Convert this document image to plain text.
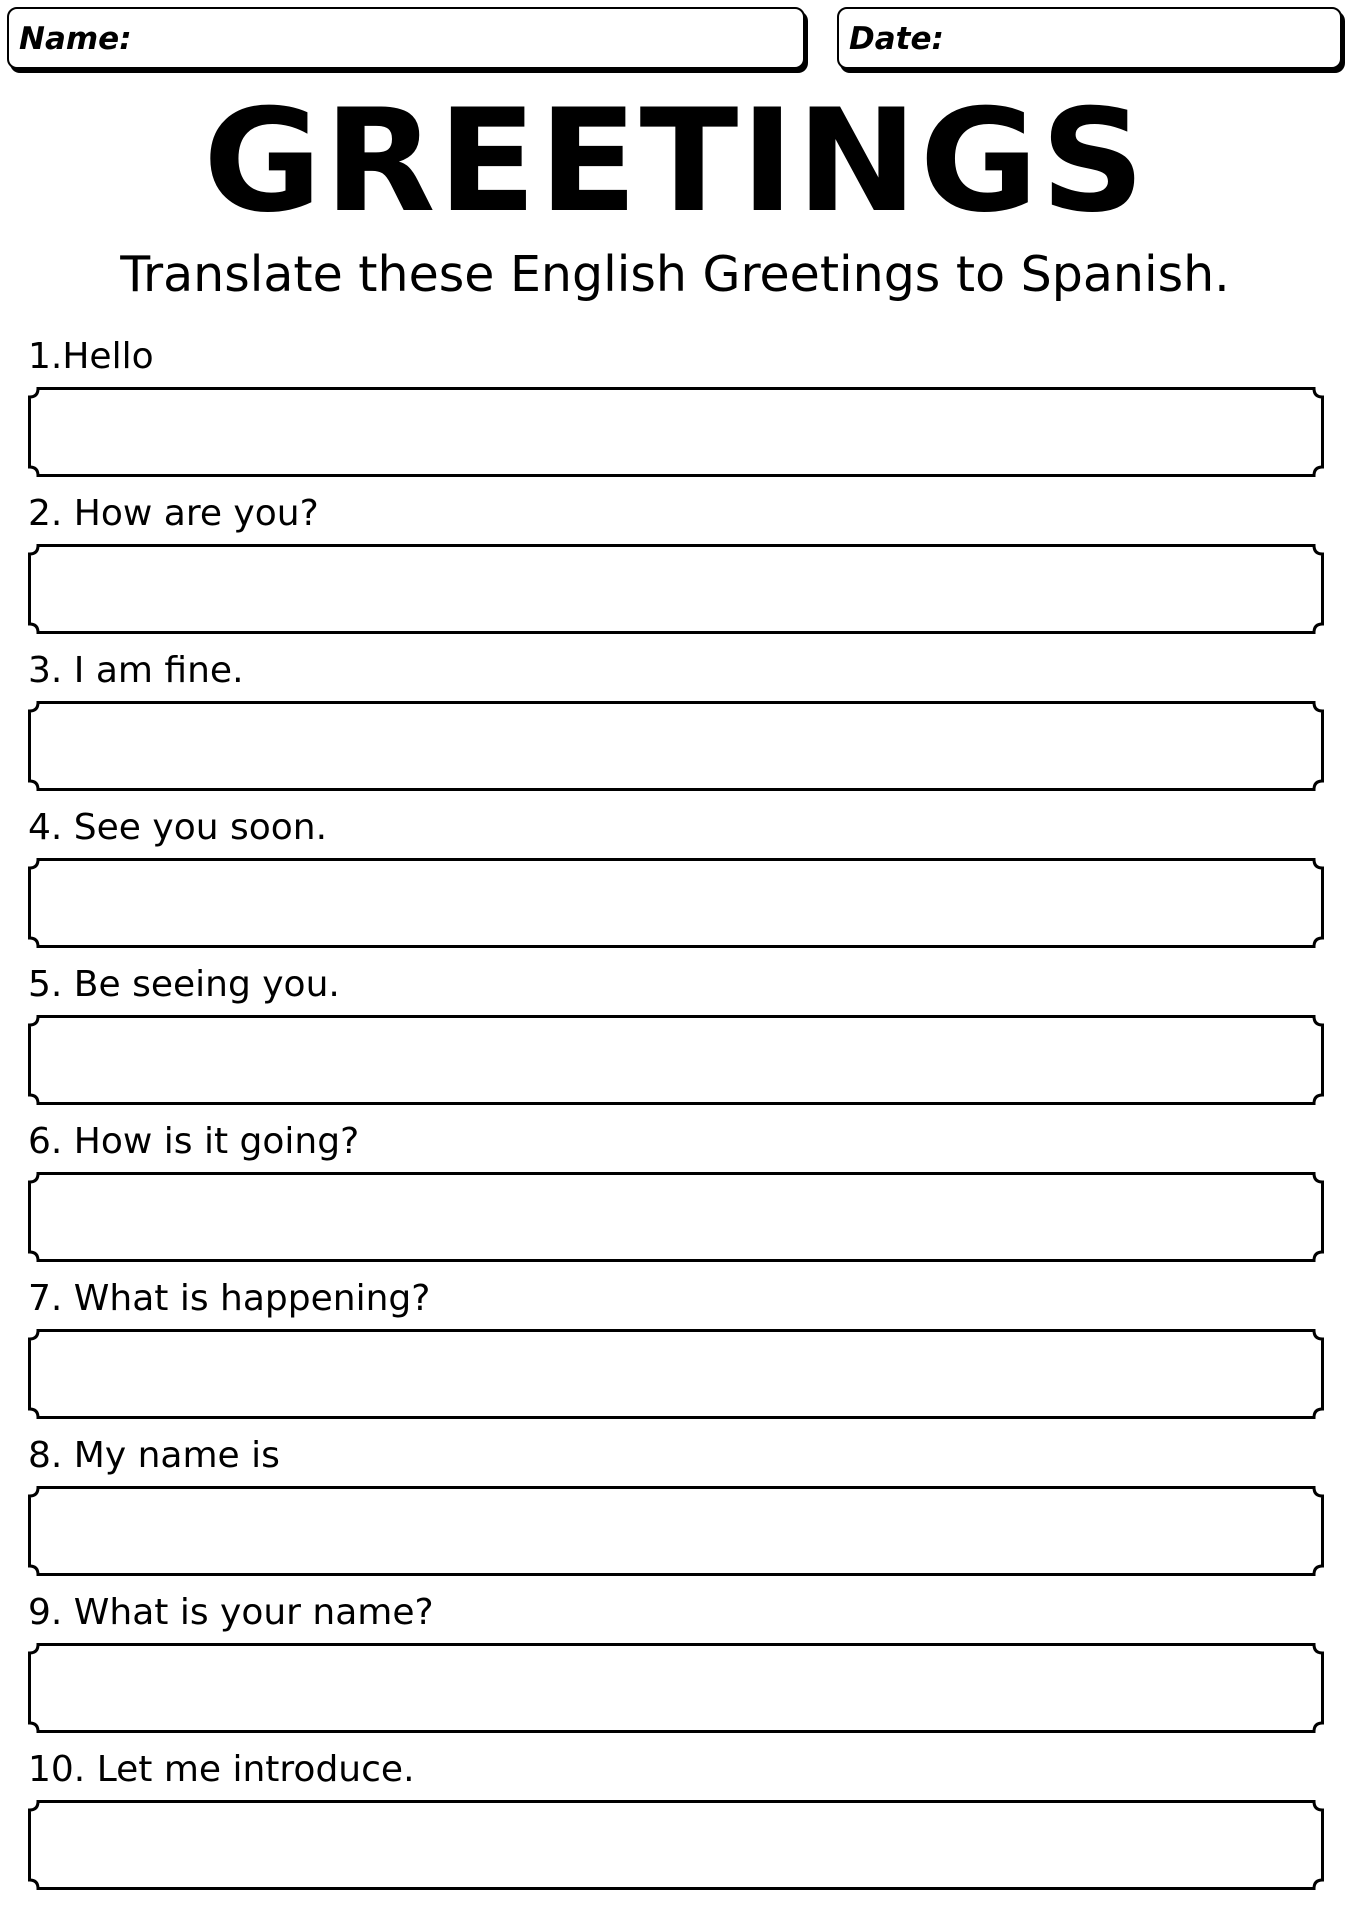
Name:	Date:
GREETINGS
Translate these English Greetings to Spanish.
1.Hello
2. How are you?
3. I am fine.
4. See you soon.
5. Be seeing you.
6. How is it going?
7. What is happening?
8. My name is
9. What is your name?
10. Let me introduce.
